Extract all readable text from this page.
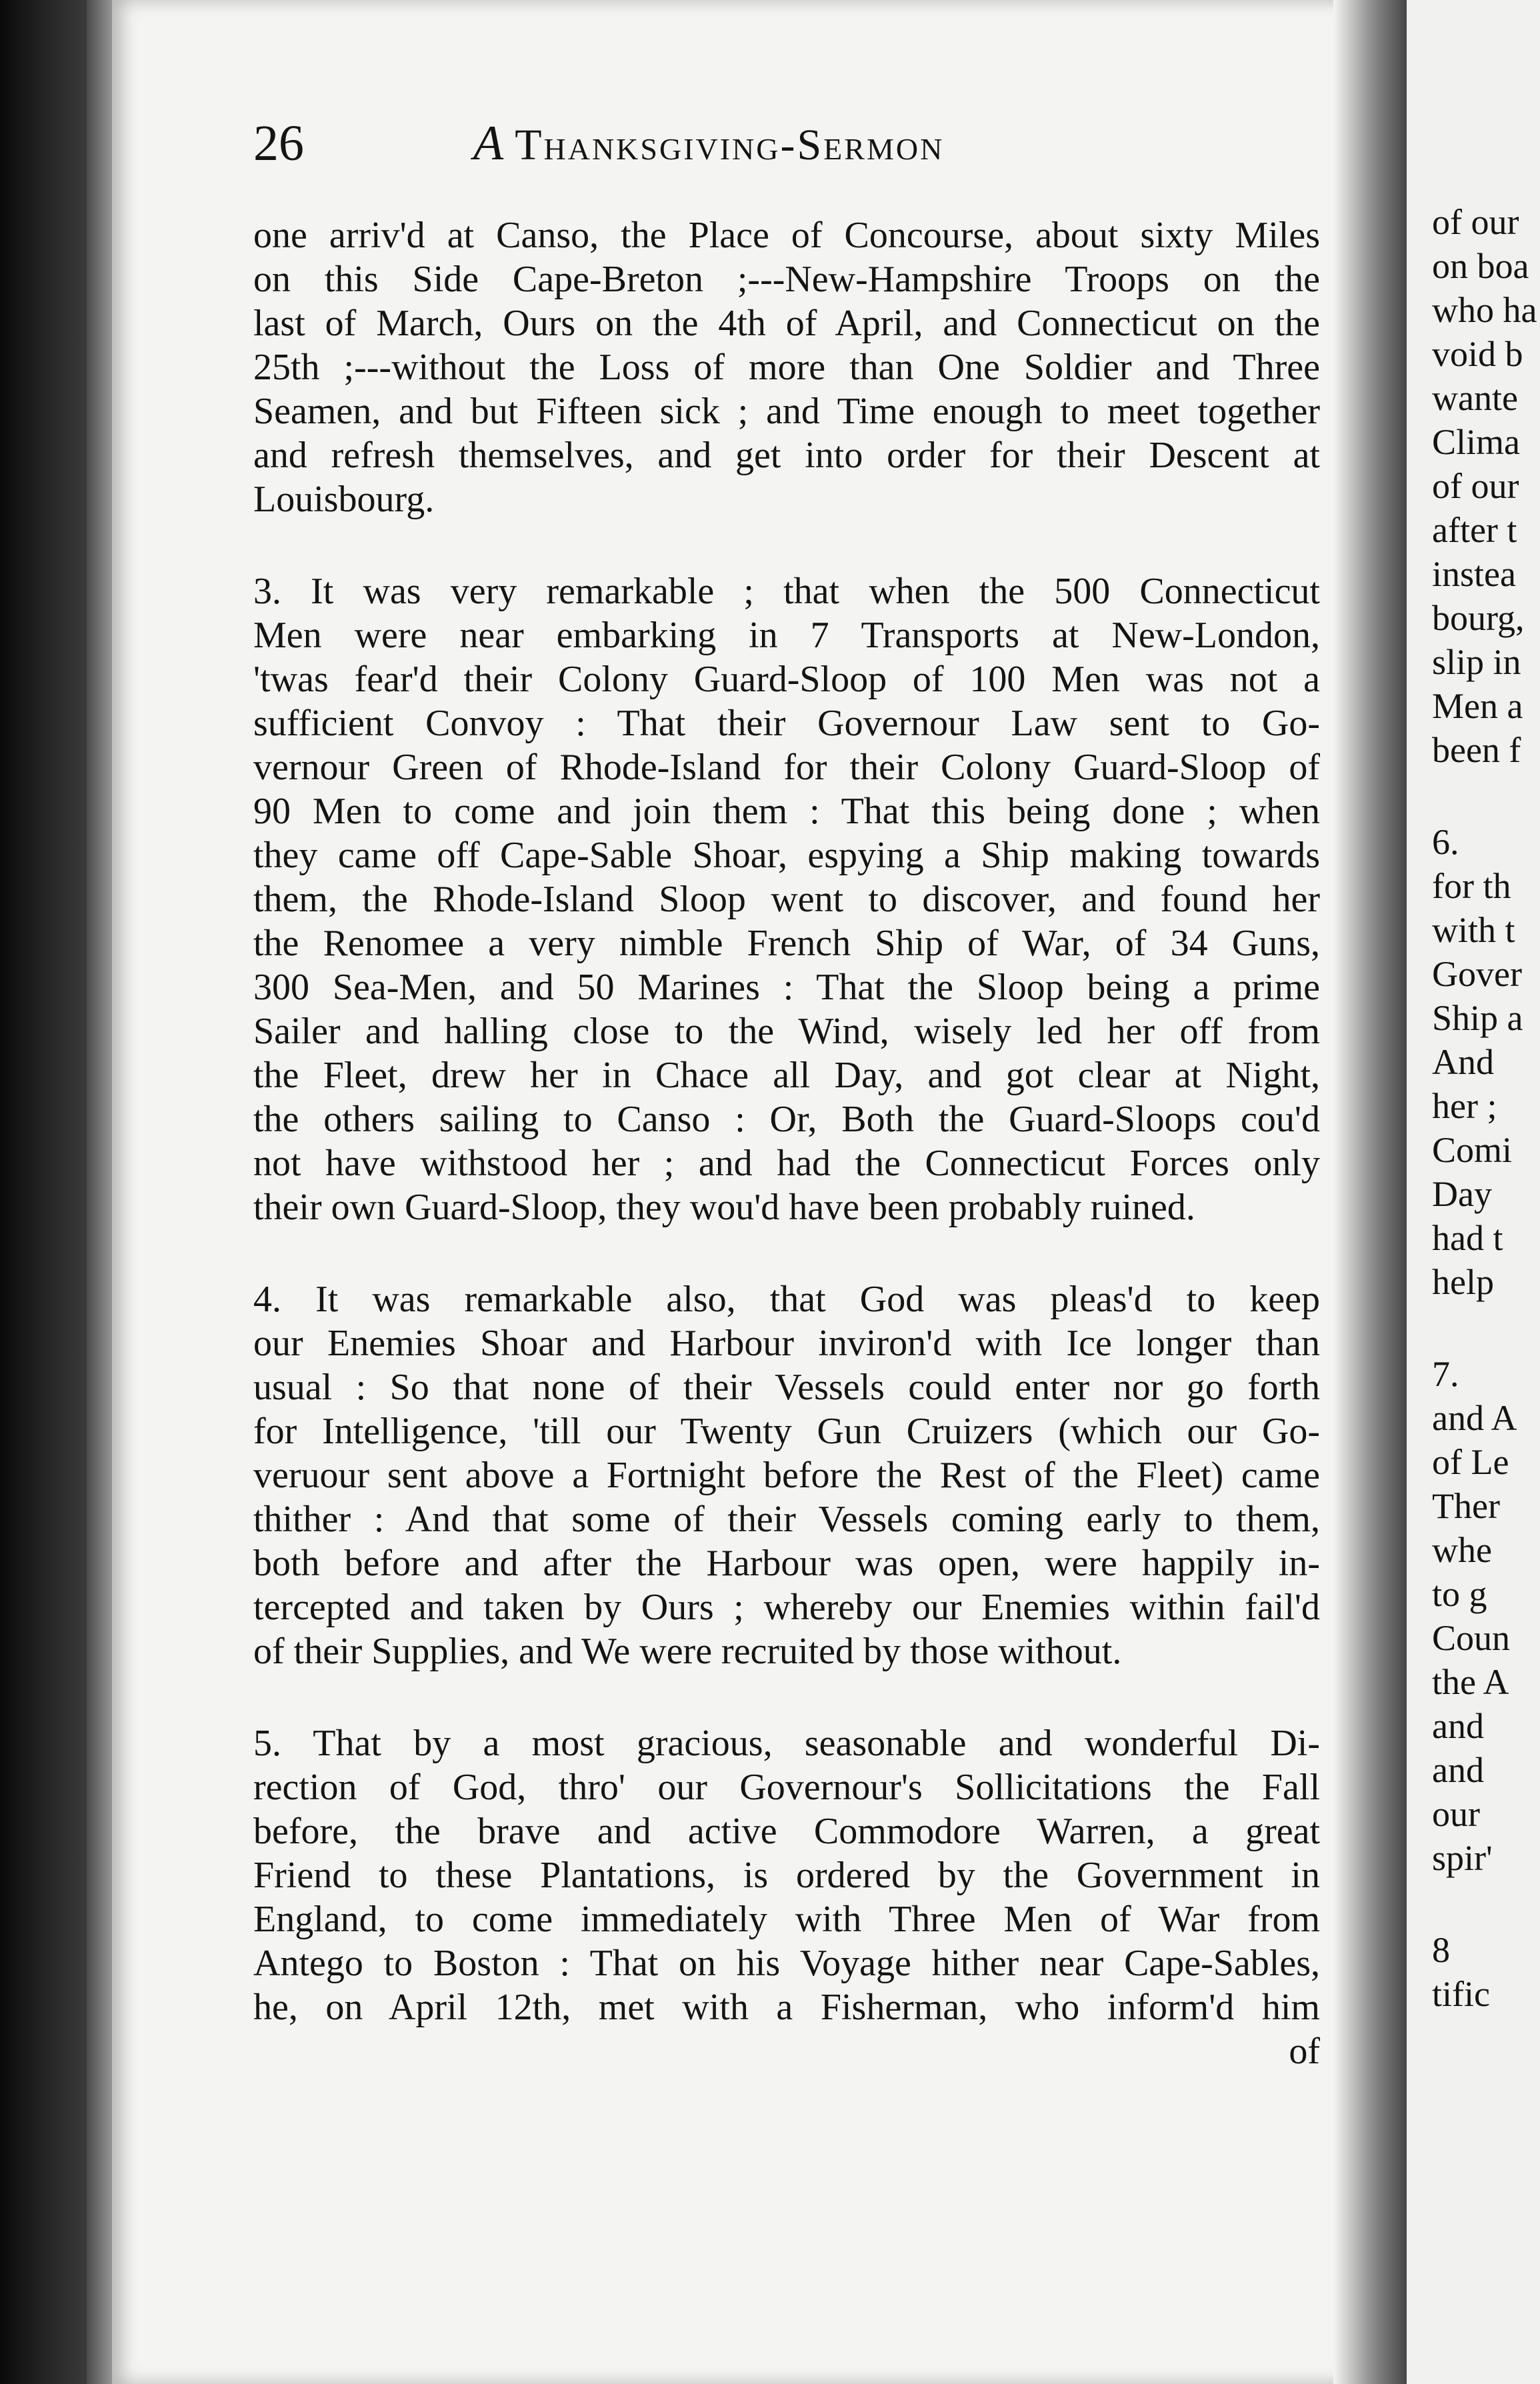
26	A Thanksgiving-Sermon
one arriv'd at Canso, the Place of Concourse, about sixty Miles
on this Side Cape-Breton ;---New-Hampshire Troops on the
last of March, Ours on the 4th of April, and Connecticut on the
25th ;---without the Loss of more than One Soldier and Three
Seamen, and but Fifteen sick ; and Time enough to meet together
and refresh themselves, and get into order for their Descent at
Louisbourg.
3. It was very remarkable ; that when the 500 Connecticut
Men were near embarking in 7 Transports at New-London,
'twas fear'd their Colony Guard-Sloop of 100 Men was not a
sufficient Convoy : That their Governour Law sent to Go-
vernour Green of Rhode-Island for their Colony Guard-Sloop of
90 Men to come and join them : That this being done ; when
they came off Cape-Sable Shoar, espying a Ship making towards
them, the Rhode-Island Sloop went to discover, and found her
the Renomee a very nimble French Ship of War, of 34 Guns,
300 Sea-Men, and 50 Marines : That the Sloop being a prime
Sailer and halling close to the Wind, wisely led her off from
the Fleet, drew her in Chace all Day, and got clear at Night,
the others sailing to Canso : Or, Both the Guard-Sloops cou'd
not have withstood her ; and had the Connecticut Forces only
their own Guard-Sloop, they wou'd have been probably ruined.
4. It was remarkable also, that God was pleas'd to keep
our Enemies Shoar and Harbour inviron'd with Ice longer than
usual : So that none of their Vessels could enter nor go forth
for Intelligence, 'till our Twenty Gun Cruizers (which our Go-
veruour sent above a Fortnight before the Rest of the Fleet) came
thither : And that some of their Vessels coming early to them,
both before and after the Harbour was open, were happily in-
tercepted and taken by Ours ; whereby our Enemies within fail'd
of their Supplies, and We were recruited by those without.
5. That by a most gracious, seasonable and wonderful Di-
rection of God, thro' our Governour's Sollicitations the Fall
before, the brave and active Commodore Warren, a great
Friend to these Plantations, is ordered by the Government in
England, to come immediately with Three Men of War from
Antego to Boston : That on his Voyage hither near Cape-Sables,
he, on April 12th, met with a Fisherman, who inform'd him
of
of our
on boa
who ha
void b
wante
Clima
of our
after t
instea
bourg,
slip in
Men a
been f
6.
for th
with t
Gover
Ship a
And
her ;
Comi
Day
had t
help
7.
and A
of Le
Ther
whe
to g
Coun
the A
and
and
our
spir'
8
tific
